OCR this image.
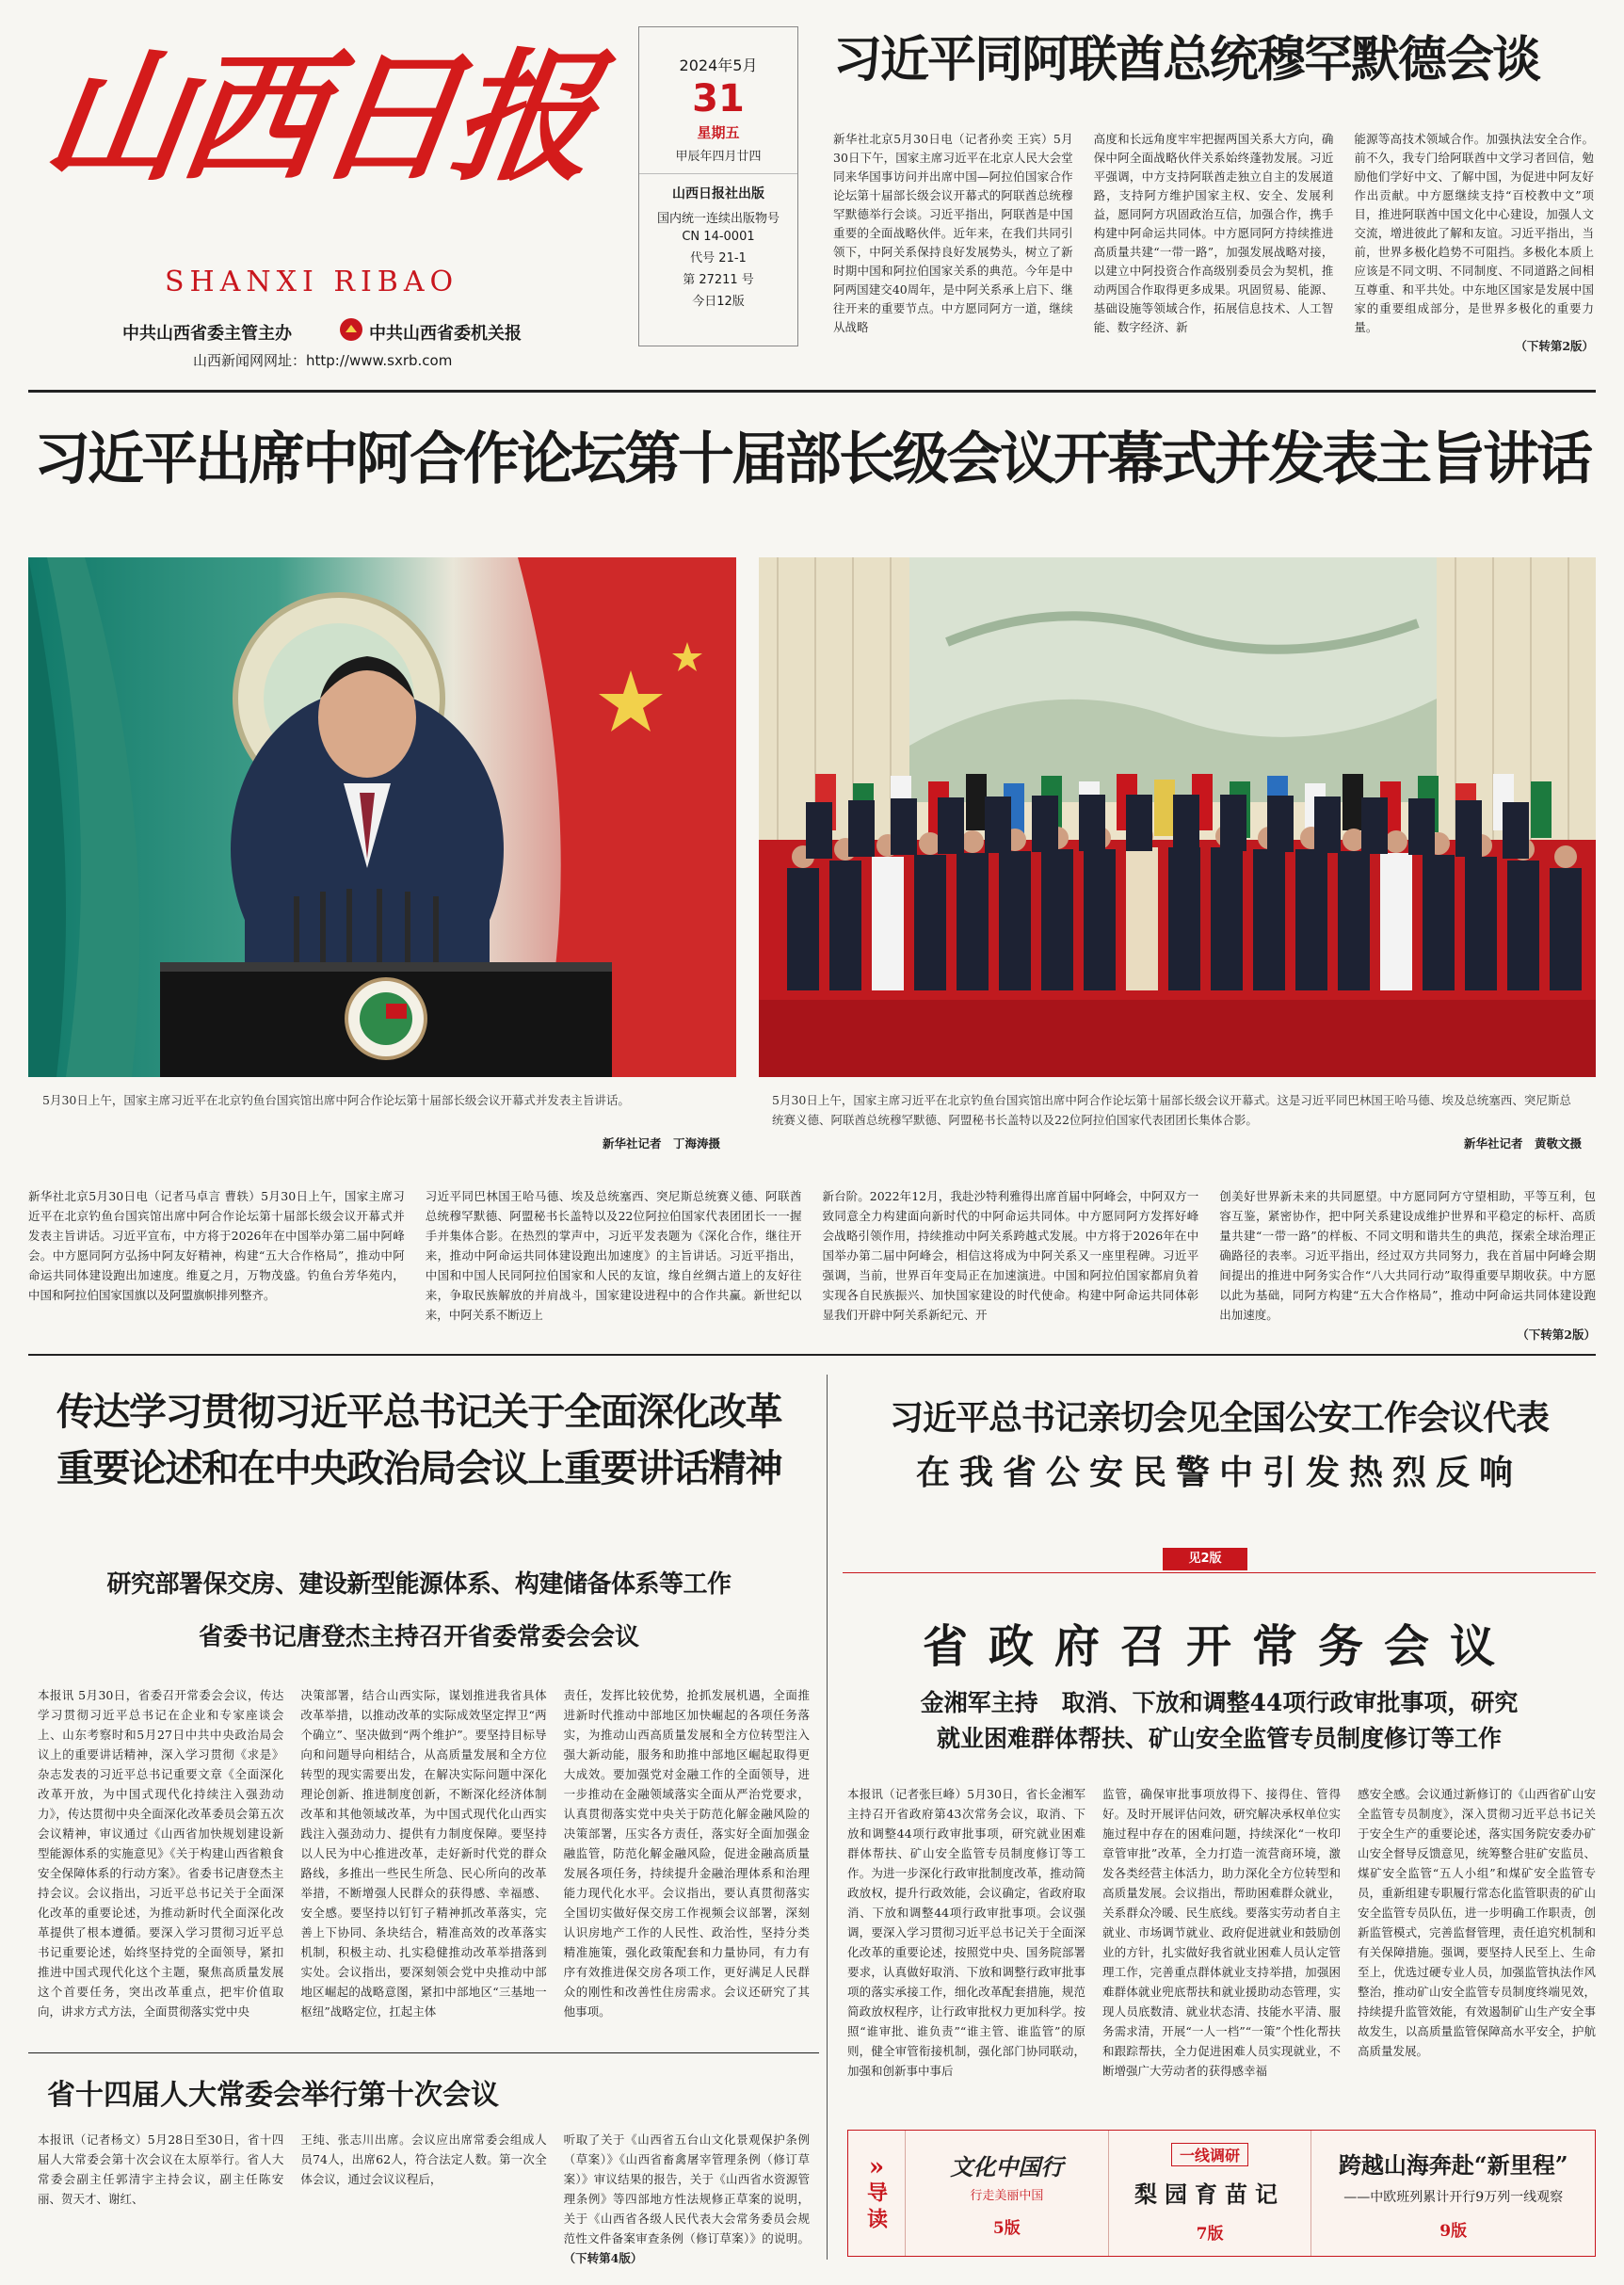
山西日报
SHANXI RIBAO
中共山西省委主管主办	中共山西省委机关报
山西新闻网网址：http://www.sxrb.com
2024年5月
31
星期五
甲辰年四月廿四
山西日报社出版
国内统一连续出版物号
CN 14-0001
代号 21-1
第 27211 号
今日12版
习近平同阿联酋总统穆罕默德会谈
新华社北京5月30日电（记者孙奕 王宾）5月30日下午，国家主席习近平在北京人民大会堂同来华国事访问并出席中国—阿拉伯国家合作论坛第十届部长级会议开幕式的阿联酋总统穆罕默德举行会谈。习近平指出，阿联酋是中国重要的全面战略伙伴。近年来，在我们共同引领下，中阿关系保持良好发展势头，树立了新时期中国和阿拉伯国家关系的典范。今年是中阿两国建交40周年，是中阿关系承上启下、继往开来的重要节点。中方愿同阿方一道，继续从战略
高度和长远角度牢牢把握两国关系大方向，确保中阿全面战略伙伴关系始终蓬勃发展。习近平强调，中方支持阿联酋走独立自主的发展道路，支持阿方维护国家主权、安全、发展利益，愿同阿方巩固政治互信，加强合作，携手构建中阿命运共同体。中方愿同阿方持续推进高质量共建“一带一路”，加强发展战略对接，以建立中阿投资合作高级别委员会为契机，推动两国合作取得更多成果。巩固贸易、能源、基础设施等领域合作，拓展信息技术、人工智能、数字经济、新
能源等高技术领域合作。加强执法安全合作。前不久，我专门给阿联酋中文学习者回信，勉励他们学好中文、了解中国，为促进中阿友好作出贡献。中方愿继续支持“百校教中文”项目，推进阿联酋中国文化中心建设，加强人文交流，增进彼此了解和友谊。习近平指出，当前，世界多极化趋势不可阻挡。多极化本质上应该是不同文明、不同制度、不同道路之间相互尊重、和平共处。中东地区国家是发展中国家的重要组成部分，是世界多极化的重要力量。
（下转第2版）
习近平出席中阿合作论坛第十届部长级会议开幕式并发表主旨讲话
5月30日上午，国家主席习近平在北京钓鱼台国宾馆出席中阿合作论坛第十届部长级会议开幕式并发表主旨讲话。
新华社记者　丁海涛摄
5月30日上午，国家主席习近平在北京钓鱼台国宾馆出席中阿合作论坛第十届部长级会议开幕式。这是习近平同巴林国王哈马德、埃及总统塞西、突尼斯总统赛义德、阿联酋总统穆罕默德、阿盟秘书长盖特以及22位阿拉伯国家代表团团长集体合影。
新华社记者　黄敬文摄
新华社北京5月30日电（记者马卓言 曹轶）5月30日上午，国家主席习近平在北京钓鱼台国宾馆出席中阿合作论坛第十届部长级会议开幕式并发表主旨讲话。习近平宣布，中方将于2026年在中国举办第二届中阿峰会。中方愿同阿方弘扬中阿友好精神，构建“五大合作格局”，推动中阿命运共同体建设跑出加速度。维夏之月，万物茂盛。钓鱼台芳华苑内，中国和阿拉伯国家国旗以及阿盟旗帜排列整齐。
习近平同巴林国王哈马德、埃及总统塞西、突尼斯总统赛义德、阿联酋总统穆罕默德、阿盟秘书长盖特以及22位阿拉伯国家代表团团长一一握手并集体合影。在热烈的掌声中，习近平发表题为《深化合作，继往开来，推动中阿命运共同体建设跑出加速度》的主旨讲话。习近平指出，中国和中国人民同阿拉伯国家和人民的友谊，缘自丝绸古道上的友好往来，争取民族解放的并肩战斗，国家建设进程中的合作共赢。新世纪以来，中阿关系不断迈上
新台阶。2022年12月，我赴沙特利雅得出席首届中阿峰会，中阿双方一致同意全力构建面向新时代的中阿命运共同体。中方愿同阿方发挥好峰会战略引领作用，持续推动中阿关系跨越式发展。中方将于2026年在中国举办第二届中阿峰会，相信这将成为中阿关系又一座里程碑。习近平强调，当前，世界百年变局正在加速演进。中国和阿拉伯国家都肩负着实现各自民族振兴、加快国家建设的时代使命。构建中阿命运共同体彰显我们开辟中阿关系新纪元、开
创美好世界新未来的共同愿望。中方愿同阿方守望相助，平等互利，包容互鉴，紧密协作，把中阿关系建设成维护世界和平稳定的标杆、高质量共建“一带一路”的样板、不同文明和谐共生的典范，探索全球治理正确路径的表率。习近平指出，经过双方共同努力，我在首届中阿峰会期间提出的推进中阿务实合作“八大共同行动”取得重要早期收获。中方愿以此为基础，同阿方构建“五大合作格局”，推动中阿命运共同体建设跑出加速度。
（下转第2版）
传达学习贯彻习近平总书记关于全面深化改革
重要论述和在中央政治局会议上重要讲话精神
研究部署保交房、建设新型能源体系、构建储备体系等工作
省委书记唐登杰主持召开省委常委会会议
本报讯 5月30日，省委召开常委会会议，传达学习贯彻习近平总书记在企业和专家座谈会上、山东考察时和5月27日中共中央政治局会议上的重要讲话精神，深入学习贯彻《求是》杂志发表的习近平总书记重要文章《全面深化改革开放，为中国式现代化持续注入强劲动力》，传达贯彻中央全面深化改革委员会第五次会议精神，审议通过《山西省加快规划建设新型能源体系的实施意见》《关于构建山西省粮食安全保障体系的行动方案》。省委书记唐登杰主持会议。会议指出，习近平总书记关于全面深化改革的重要论述，为推动新时代全面深化改革提供了根本遵循。要深入学习贯彻习近平总书记重要论述，始终坚持党的全面领导，紧扣推进中国式现代化这个主题，聚焦高质量发展这个首要任务，突出改革重点，把牢价值取向，讲求方式方法，全面贯彻落实党中央
决策部署，结合山西实际，谋划推进我省具体改革举措，以推动改革的实际成效坚定捍卫“两个确立”、坚决做到“两个维护”。要坚持目标导向和问题导向相结合，从高质量发展和全方位转型的现实需要出发，在解决实际问题中深化理论创新、推进制度创新，不断深化经济体制改革和其他领域改革，为中国式现代化山西实践注入强劲动力、提供有力制度保障。要坚持以人民为中心推进改革，走好新时代党的群众路线，多推出一些民生所急、民心所向的改革举措，不断增强人民群众的获得感、幸福感、安全感。要坚持以钉钉子精神抓改革落实，完善上下协同、条块结合，精准高效的改革落实机制，积极主动、扎实稳健推动改革举措落到实处。会议指出，要深刻领会党中央推动中部地区崛起的战略意图，紧扣中部地区“三基地一枢纽”战略定位，扛起主体
责任，发挥比较优势，抢抓发展机遇，全面推进新时代推动中部地区加快崛起的各项任务落实，为推动山西高质量发展和全方位转型注入强大新动能，服务和助推中部地区崛起取得更大成效。要加强党对金融工作的全面领导，进一步推动在金融领域落实全面从严治党要求，认真贯彻落实党中央关于防范化解金融风险的决策部署，压实各方责任，落实好全面加强金融监管，防范化解金融风险，促进金融高质量发展各项任务，持续提升金融治理体系和治理能力现代化水平。会议指出，要认真贯彻落实全国切实做好保交房工作视频会议部署，深刻认识房地产工作的人民性、政治性，坚持分类精准施策，强化政策配套和力量协同，有力有序有效推进保交房各项工作，更好满足人民群众的刚性和改善性住房需求。会议还研究了其他事项。
省十四届人大常委会举行第十次会议
本报讯（记者杨文）5月28日至30日，省十四届人大常委会第十次会议在太原举行。省人大常委会副主任郭清宇主持会议，副主任陈安丽、贺天才、谢红、
王纯、张志川出席。会议应出席常委会组成人员74人，出席62人，符合法定人数。第一次全体会议，通过会议议程后，
听取了关于《山西省五台山文化景观保护条例（草案）》《山西省畜禽屠宰管理条例（修订草案）》审议结果的报告，关于《山西省水资源管理条例》等四部地方性法规修正草案的说明，关于《山西省各级人民代表大会常务委员会规范性文件备案审查条例（修订草案）》的说明。（下转第4版）
习近平总书记亲切会见全国公安工作会议代表
在我省公安民警中引发热烈反响
见2版
省政府召开常务会议
金湘军主持　取消、下放和调整44项行政审批事项，研究
就业困难群体帮扶、矿山安全监管专员制度修订等工作
本报讯（记者张巨峰）5月30日，省长金湘军主持召开省政府第43次常务会议，取消、下放和调整44项行政审批事项，研究就业困难群体帮扶、矿山安全监管专员制度修订等工作。为进一步深化行政审批制度改革，推动简政放权，提升行政效能，会议确定，省政府取消、下放和调整44项行政审批事项。会议强调，要深入学习贯彻习近平总书记关于全面深化改革的重要论述，按照党中央、国务院部署要求，认真做好取消、下放和调整行政审批事项的落实承接工作，细化改革配套措施，规范简政放权程序，让行政审批权力更加科学。按照“谁审批、谁负责”“谁主管、谁监管”的原则，健全审管衔接机制，强化部门协同联动，加强和创新事中事后
监管，确保审批事项放得下、接得住、管得好。及时开展评估问效，研究解决承权单位实施过程中存在的困难问题，持续深化“一枚印章管审批”改革，全力打造一流营商环境，激发各类经营主体活力，助力深化全方位转型和高质量发展。会议指出，帮助困难群众就业，关系群众冷暖、民生底线。要落实劳动者自主就业、市场调节就业、政府促进就业和鼓励创业的方针，扎实做好我省就业困难人员认定管理工作，完善重点群体就业支持举措，加强困难群体就业兜底帮扶和就业援助动态管理，实现人员底数清、就业状态清、技能水平清、服务需求清，开展“一人一档”“一策”个性化帮扶和跟踪帮扶，全力促进困难人员实现就业，不断增强广大劳动者的获得感幸福
感安全感。会议通过新修订的《山西省矿山安全监管专员制度》，深入贯彻习近平总书记关于安全生产的重要论述，落实国务院安委办矿山安全督导反馈意见，统筹整合驻矿安监员、煤矿安全监管“五人小组”和煤矿安全监管专员，重新组建专职履行常态化监管职责的矿山安全监管专员队伍，进一步明确工作职责，创新监管模式，完善监督管理，责任追究机制和有关保障措施。强调，要坚持人民至上、生命至上，优选过硬专业人员，加强监管执法作风整治，推动矿山安全监管专员制度终端见效，持续提升监管效能，有效遏制矿山生产安全事故发生，以高质量监管保障高水平安全，护航高质量发展。
»
导读
文化中国行
行走美丽中国
5版
一线调研
梨园育苗记
7版
跨越山海奔赴“新里程”
——中欧班列累计开行9万列一线观察
9版
